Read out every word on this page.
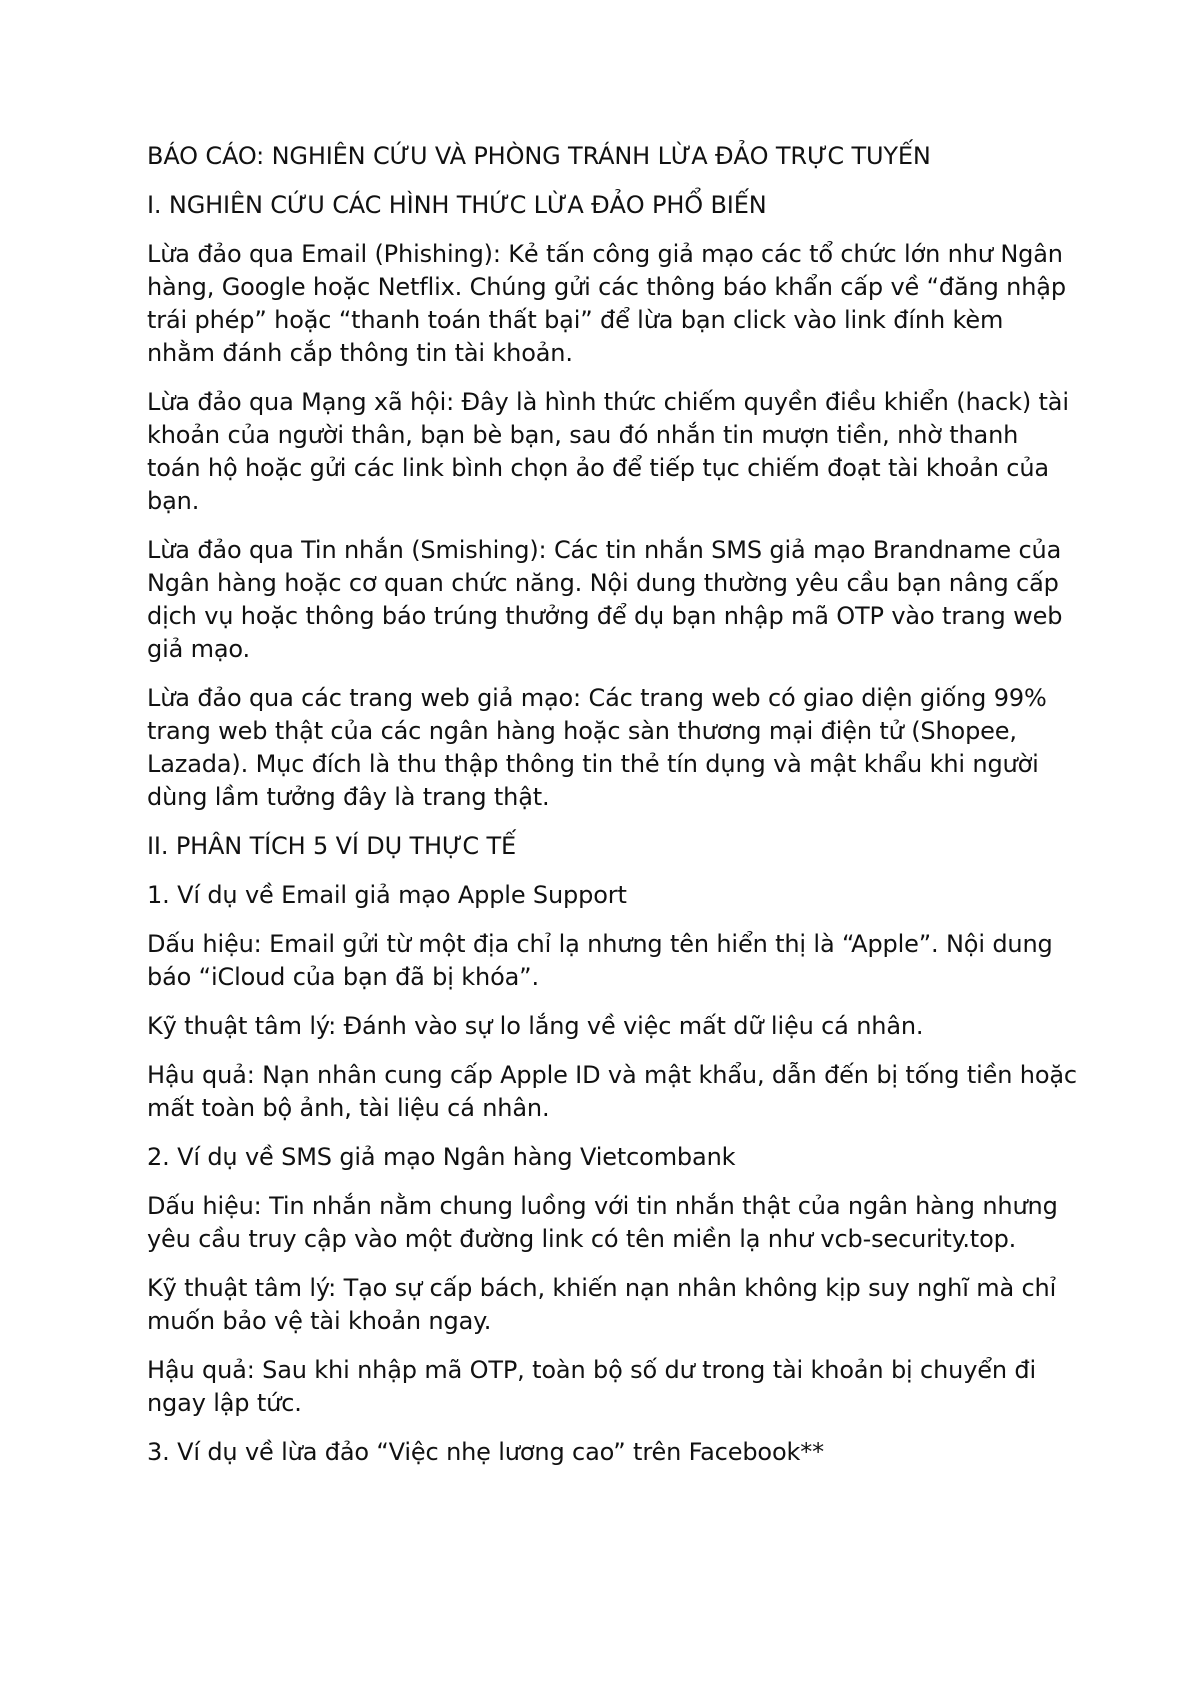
BÁO CÁO: NGHIÊN CỨU VÀ PHÒNG TRÁNH LỪA ĐẢO TRỰC TUYẾN

I. NGHIÊN CỨU CÁC HÌNH THỨC LỪA ĐẢO PHỔ BIẾN

Lừa đảo qua Email (Phishing): Kẻ tấn công giả mạo các tổ chức lớn như Ngân hàng, Google hoặc Netflix. Chúng gửi các thông báo khẩn cấp về “đăng nhập trái phép” hoặc “thanh toán thất bại” để lừa bạn click vào link đính kèm nhằm đánh cắp thông tin tài khoản.

Lừa đảo qua Mạng xã hội: Đây là hình thức chiếm quyền điều khiển (hack) tài khoản của người thân, bạn bè bạn, sau đó nhắn tin mượn tiền, nhờ thanh toán hộ hoặc gửi các link bình chọn ảo để tiếp tục chiếm đoạt tài khoản của bạn.

Lừa đảo qua Tin nhắn (Smishing): Các tin nhắn SMS giả mạo Brandname của Ngân hàng hoặc cơ quan chức năng. Nội dung thường yêu cầu bạn nâng cấp dịch vụ hoặc thông báo trúng thưởng để dụ bạn nhập mã OTP vào trang web giả mạo.

Lừa đảo qua các trang web giả mạo: Các trang web có giao diện giống 99% trang web thật của các ngân hàng hoặc sàn thương mại điện tử (Shopee, Lazada). Mục đích là thu thập thông tin thẻ tín dụng và mật khẩu khi người dùng lầm tưởng đây là trang thật.

II. PHÂN TÍCH 5 VÍ DỤ THỰC TẾ

1. Ví dụ về Email giả mạo Apple Support

Dấu hiệu: Email gửi từ một địa chỉ lạ nhưng tên hiển thị là “Apple”. Nội dung báo “iCloud của bạn đã bị khóa”.

Kỹ thuật tâm lý: Đánh vào sự lo lắng về việc mất dữ liệu cá nhân.

Hậu quả: Nạn nhân cung cấp Apple ID và mật khẩu, dẫn đến bị tống tiền hoặc mất toàn bộ ảnh, tài liệu cá nhân.

2. Ví dụ về SMS giả mạo Ngân hàng Vietcombank

Dấu hiệu: Tin nhắn nằm chung luồng với tin nhắn thật của ngân hàng nhưng yêu cầu truy cập vào một đường link có tên miền lạ như vcb-security.top.

Kỹ thuật tâm lý: Tạo sự cấp bách, khiến nạn nhân không kịp suy nghĩ mà chỉ muốn bảo vệ tài khoản ngay.

Hậu quả: Sau khi nhập mã OTP, toàn bộ số dư trong tài khoản bị chuyển đi ngay lập tức.

3. Ví dụ về lừa đảo “Việc nhẹ lương cao” trên Facebook**
